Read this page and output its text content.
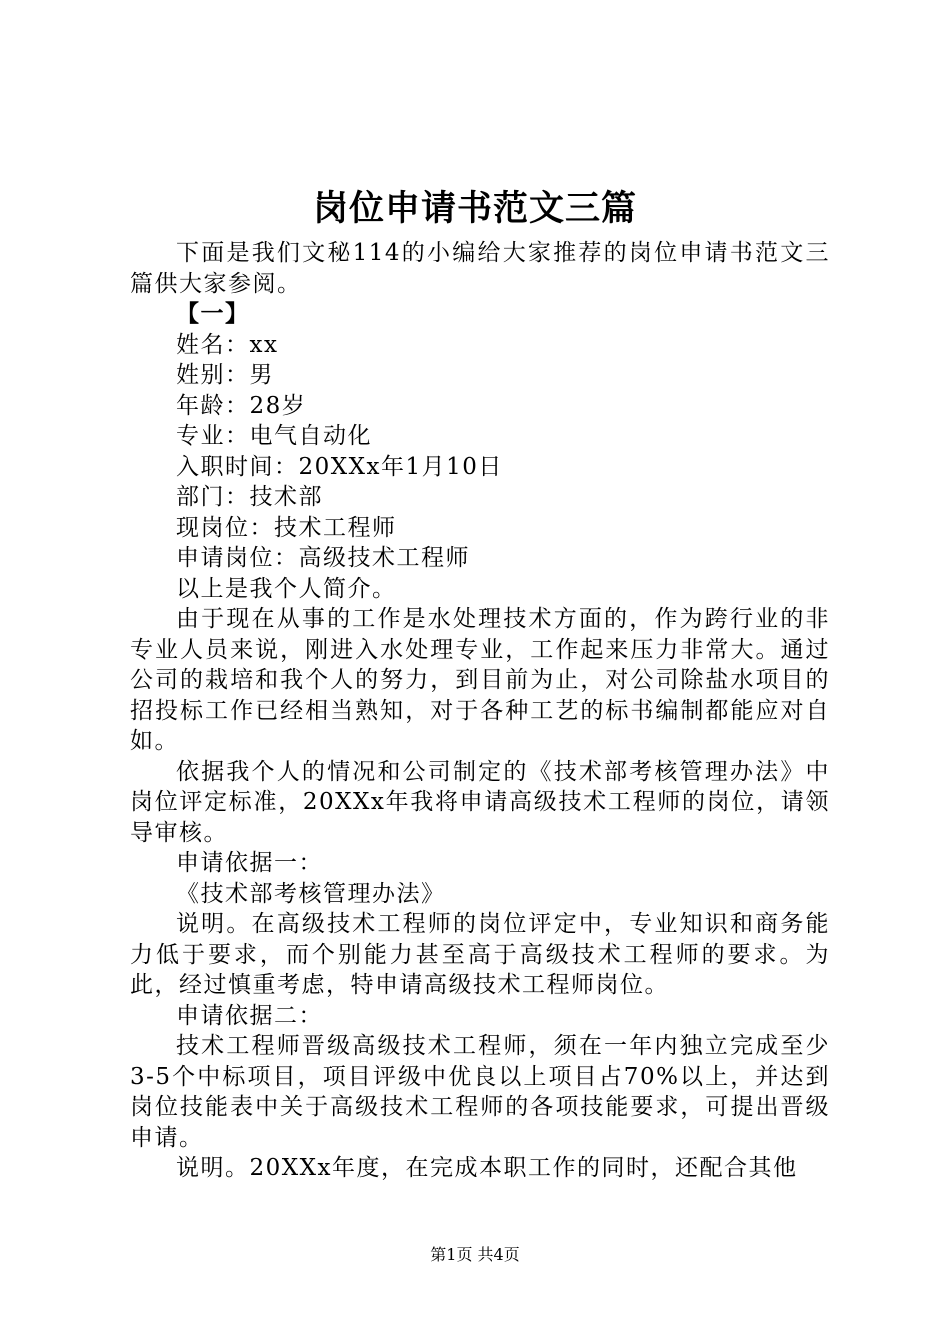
岗位申请书范文三篇

下面是我们文秘114的小编给大家推荐的岗位申请书范文三篇供大家参阅。

【一】

姓名：xx

姓别：男

年龄：28岁

专业：电气自动化

入职时间：20XXx年1月10日

部门：技术部

现岗位：技术工程师

申请岗位：高级技术工程师

以上是我个人简介。

由于现在从事的工作是水处理技术方面的，作为跨行业的非专业人员来说，刚进入水处理专业，工作起来压力非常大。通过公司的栽培和我个人的努力，到目前为止，对公司除盐水项目的招投标工作已经相当熟知，对于各种工艺的标书编制都能应对自如。

依据我个人的情况和公司制定的《技术部考核管理办法》中岗位评定标准，20XXx年我将申请高级技术工程师的岗位，请领导审核。

申请依据一：

《技术部考核管理办法》

说明。在高级技术工程师的岗位评定中，专业知识和商务能力低于要求，而个别能力甚至高于高级技术工程师的要求。为此，经过慎重考虑，特申请高级技术工程师岗位。

申请依据二：

技术工程师晋级高级技术工程师，须在一年内独立完成至少3-5个中标项目，项目评级中优良以上项目占70%以上，并达到岗位技能表中关于高级技术工程师的各项技能要求，可提出晋级申请。

说明。20XXx年度，在完成本职工作的同时，还配合其他

第1页 共4页
